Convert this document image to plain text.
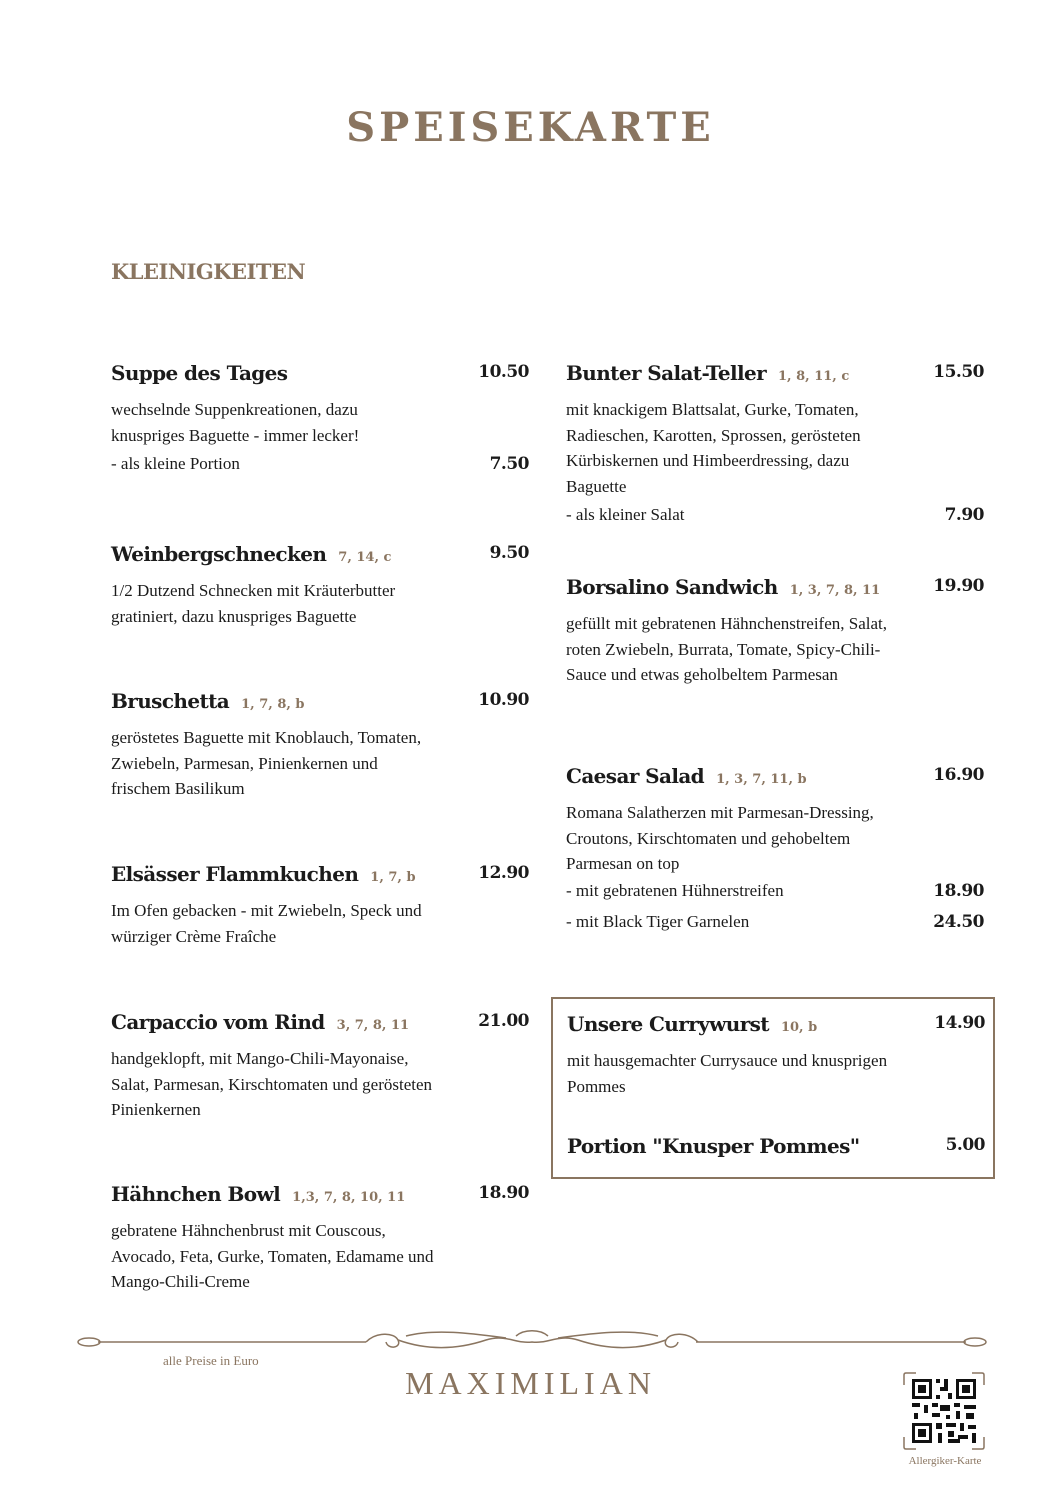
SPEISEKARTE
KLEINIGKEITEN
Suppe des Tages	10.50
wechselnde Suppenkreationen, dazu knuspriges Baguette - immer lecker!
- als kleine Portion	7.50
Weinbergschnecken 7, 14, c	9.50
1/2 Dutzend Schnecken mit Kräuterbutter gratiniert, dazu knuspriges Baguette
Bruschetta 1, 7, 8, b	10.90
geröstetes Baguette mit Knoblauch, Tomaten, Zwiebeln, Parmesan, Pinienkernen und frischem Basilikum
Elsässer Flammkuchen 1, 7, b	12.90
Im Ofen gebacken - mit Zwiebeln, Speck und würziger Crème Fraîche
Carpaccio vom Rind 3, 7, 8, 11	21.00
handgeklopft, mit Mango-Chili-Mayonaise, Salat, Parmesan, Kirschtomaten und gerösteten Pinienkernen
Hähnchen Bowl 1,3, 7, 8, 10, 11	18.90
gebratene Hähnchenbrust mit Couscous, Avocado, Feta, Gurke, Tomaten, Edamame und Mango-Chili-Creme
Bunter Salat-Teller 1, 8, 11, c	15.50
mit knackigem Blattsalat, Gurke, Tomaten, Radieschen, Karotten, Sprossen, gerösteten Kürbiskernen und Himbeerdressing, dazu Baguette
- als kleiner Salat	7.90
Borsalino Sandwich 1, 3, 7, 8, 11	19.90
gefüllt mit gebratenen Hähnchenstreifen, Salat, roten Zwiebeln, Burrata, Tomate, Spicy-Chili-Sauce und etwas geholbeltem Parmesan
Caesar Salad 1, 3, 7, 11, b	16.90
Romana Salatherzen mit Parmesan-Dressing, Croutons, Kirschtomaten und gehobeltem Parmesan on top
- mit gebratenen Hühnerstreifen	18.90
- mit Black Tiger Garnelen	24.50
Unsere Currywurst 10, b	14.90
mit hausgemachter Currysauce und knusprigen Pommes
Portion "Knusper Pommes"	5.00
alle Preise in Euro
MAXIMILIAN
Allergiker-Karte
